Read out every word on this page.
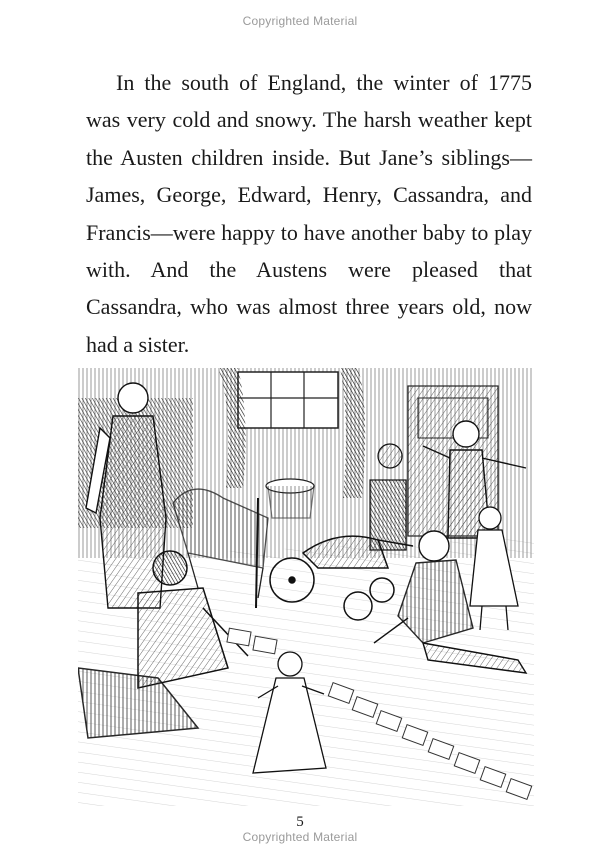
Copyrighted Material

In the south of England, the winter of 1775 was very cold and snowy. The harsh weather kept the Austen children inside. But Jane’s siblings—James, George, Edward, Henry, Cassandra, and Francis—were happy to have another baby to play with. And the Austens were pleased that Cassandra, who was almost three years old, now had a sister.

5
Copyrighted Material
